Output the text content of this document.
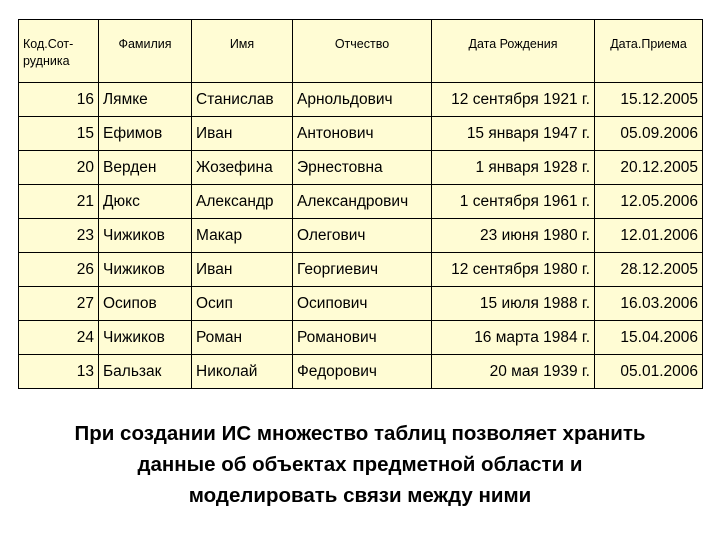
Код.Сот-рудника	Фамилия	Имя	Отчество	Дата Рождения	Дата.Приема
16	Лямке	Станислав	Арнольдович	12 сентября 1921 г.	15.12.2005
15	Ефимов	Иван	Антонович	15 января 1947 г.	05.09.2006
20	Верден	Жозефина	Эрнестовна	1 января 1928 г.	20.12.2005
21	Дюкс	Александр	Александрович	1 сентября 1961 г.	12.05.2006
23	Чижиков	Макар	Олегович	23 июня 1980 г.	12.01.2006
26	Чижиков	Иван	Георгиевич	12 сентября 1980 г.	28.12.2005
27	Осипов	Осип	Осипович	15 июля 1988 г.	16.03.2006
24	Чижиков	Роман	Романович	16 марта 1984 г.	15.04.2006
13	Бальзак	Николай	Федорович	20 мая 1939 г.	05.01.2006
При создании ИС множество таблиц позволяет хранить
данные об объектах предметной области и
моделировать связи между ними
